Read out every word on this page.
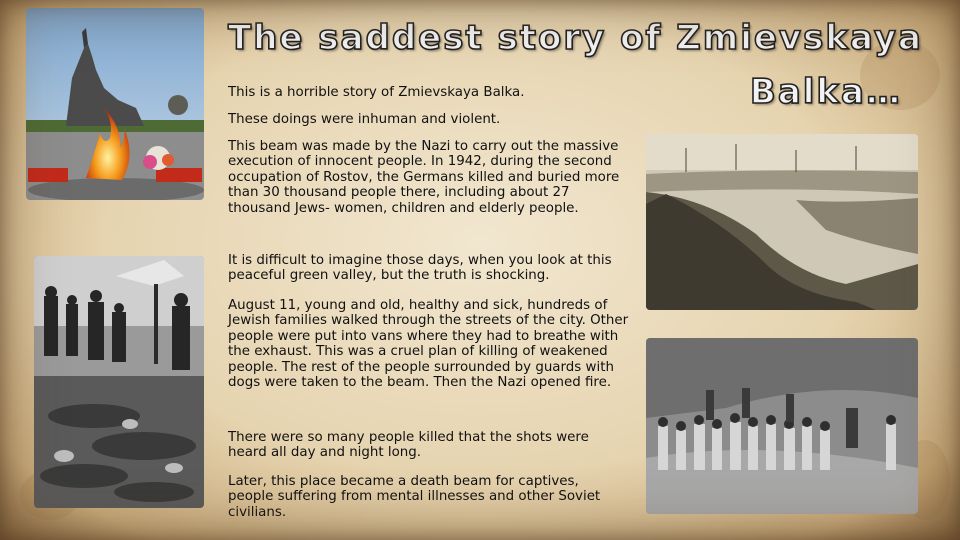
The saddest story of Zmievskaya
Balka…

This is a horrible story of Zmievskaya Balka.

These doings were inhuman and violent.

This beam was made by the Nazi to carry out the massive execution of innocent people. In 1942, during the second occupation of Rostov, the Germans killed and buried more than 30 thousand people there, including about 27 thousand Jews- women, children and elderly people.

It is difficult to imagine those days, when you look at this peaceful green valley, but the truth is shocking.

August 11, young and old, healthy and sick, hundreds of Jewish families walked through the streets of the city. Other people were put into vans where they had to breathe with the exhaust. This was a cruel plan of killing of weakened people. The rest of the people surrounded by guards with dogs were taken to the beam. Then the Nazi opened fire.

There were so many people killed that the shots were heard all day and night long.

Later, this place became a death beam for captives, people suffering from mental illnesses and other Soviet civilians.
